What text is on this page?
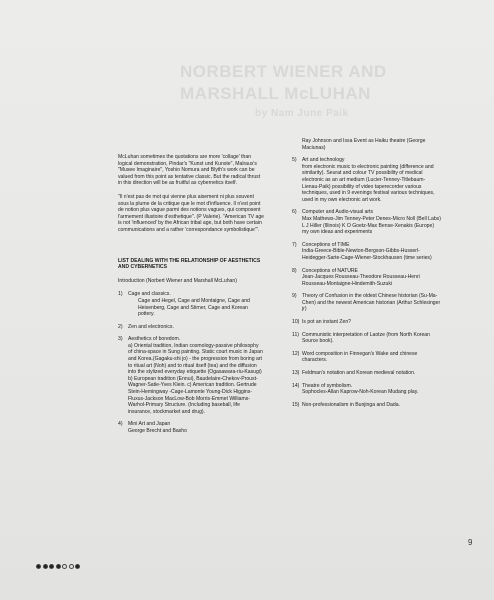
NORBERT WIENER AND
MARSHALL McLUHAN
by Nam June Paik

McLuhan sometimes the quotations are more 'collage' than logical demonstration, Pindar's "Kunst und Kunste", Malraux's "Musee Imaginaire", Yoshio Nomura and Blyth's work can be valued from this point as tentative classic. But the radical thrust in this direction will be as fruitful as cybernetics itself.

"Il n'est pas de mot qui vienne plus aisement ni plus souvent sous la plume de la critique que le mot d'influence. Il n'est point de notion plus vague parmi des notions vagues, qui composent l'armement illustoire d'esthetique". (P Valerie). "American TV age is not 'influenced' by the African tribal age, but both have certain communications and a rather 'correspondance symbolistique'".

LIST DEALING WITH THE RELATIONSHIP OF AESTHETICS AND CYBERNETICS

Introduction (Norbert Wiener and Marshall McLuhan)

1)	Cage and classics.
Cage and Hegel, Cage and Montaigne, Cage and Heisenberg, Cage and Stirner, Cage and Korean pottery.
2)	Zen and electronics.
3)	Aesthetics of boredom.
a) Oriental tradition, Indian cosmology-passive philosophy of china-space in Sung painting. Static court music in Japan and Korea.(Gagaku-shi jo) - the progression from boring art to ritual art (Noh) and to ritual itself (tea) and the diffusion into the stylized everyday etiquette (Ogasawara-riu-Kasugi) b) European tradition (Ennui), Baudelaire-Chekov-Proust-Wagner-Satie-Yves Klein. c) American tradition. Gertrude Stein-Hemingway -Cage-Lamonte Young-Dick Higgins-Fluxus-Jackson MacLow-Bob Morris-Emmet Williams-Warhol-Primary Structure. (Including baseball, life insurance, stockmarket and drug).
4)	Mini Art and Japan
George Brecht and Basho

Ray Johnson and Issa Event as Haiku theatre (George Maciunas)

5)	Art and technology
from electronic music to electronic painting (difference and similarity). Seurat and colour TV possibility of medical electronic as an art medium (Lucier-Tenney-Titlebaum-Lienau-Paik) possibility of video taperecorder various techniques, used in 9 evenings festival various techniques, used in my own electronic art work.
6)	Computer and Audio-visual arts
Max Mathews-Jim Tenney-Peter Denes-Micro Noll (Bell Labs) L J Hiller (Illinois) K O Goetz-Max Bense-Xenakis (Europe) my own ideas and experiments
7)	Conceptions of TIME
India-Greece-Bible-Newton-Bergson-Gibbs-Husserl-Heidegger-Sarte-Cage-Wiener-Stockhausen (time series)
8)	Conceptions of NATURE
Jean-Jacques Rousseau-Theodore Rousseau-Henri Rousseau-Montaigne-Hindemith-Suzuki
9)	Theory of Confusion in the oldest Chinese historian (Su-Ma-Chen) and the newest American historian (Arthur Schlesinger jr)
10) Is pot an instant Zen?
11) Communistic interpretation of Laotze (from North Korean Source book).
12) Word composition in Finnegan's Wake and chinese characters.
13) Feldman's notation and Korean medieval notation.
14) Theatre of symbolism.
Sophocles-Allan Kaprow-Noh-Korean Mudang play.
15) Non-professionalism in Bunjinga and Dada.
9
